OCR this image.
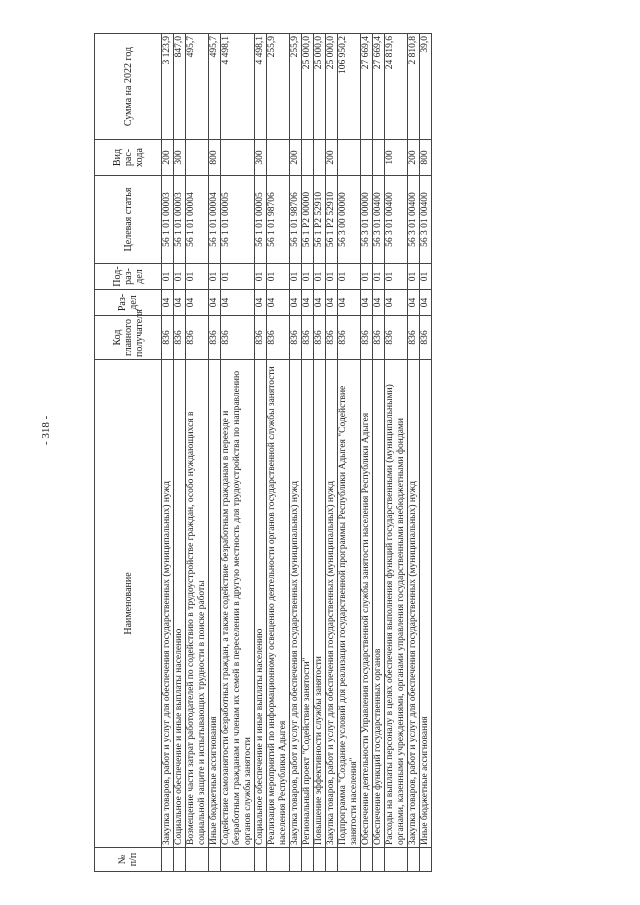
- 318 -
№ п/п	Наименование	Код главного получателя	Раз-дел	Под-раз-дел	Целевая статья	Вид рас-хода	Сумма на 2022 год
	Закупка товаров, работ и услуг для обеспечения государственных (муниципальных) нужд	836	04	01	56 1 01 00003	200	3 123,9
	Социальное обеспечение и иные выплаты населению	836	04	01	56 1 01 00003	300	847,0
	Возмещение части затрат работодателей по содействию в трудоустройстве граждан, особо нуждающихся в социальной защите и испытывающих трудности в поиске работы	836	04	01	56 1 01 00004		495,7
	Иные бюджетные ассигнования	836	04	01	56 1 01 00004	800	495,7
	Содействие самозанятости безработных граждан, а также содействие безработным гражданам в переезде и безработным гражданам и членам их семей в переселении в другую местность для трудоустройства по направлению органов службы занятости	836	04	01	56 1 01 00005		4 498,1
	Социальное обеспечение и иные выплаты населению	836	04	01	56 1 01 00005	300	4 498,1
	Реализация мероприятий по информационному освещению деятельности органов государственной службы занятости населения Республики Адыгея	836	04	01	56 1 01 98706		255,9
	Закупка товаров, работ и услуг для обеспечения государственных (муниципальных) нужд	836	04	01	56 1 01 98706	200	255,9
	Региональный проект "Содействие занятости"	836	04	01	56 1 P2 00000		25 000,0
	Повышение эффективности службы занятости	836	04	01	56 1 P2 52910		25 000,0
	Закупка товаров, работ и услуг для обеспечения государственных (муниципальных) нужд	836	04	01	56 1 P2 52910	200	25 000,0
	Подпрограмма "Создание условий для реализации государственной программы Республики Адыгея "Содействие занятости населения"	836	04	01	56 3 00 00000		106 950,2
	Обеспечение деятельности Управления государственной службы занятости населения Республики Адыгея	836	04	01	56 3 01 00000		27 669,4
	Обеспечение функций государственных органов	836	04	01	56 3 01 00400		27 669,4
	Расходы на выплаты персоналу в целях обеспечения выполнения функций государственными (муниципальными) органами, казенными учреждениями, органами управления государственными внебюджетными фондами	836	04	01	56 3 01 00400	100	24 819,6
	Закупка товаров, работ и услуг для обеспечения государственных (муниципальных) нужд	836	04	01	56 3 01 00400	200	2 810,8
	Иные бюджетные ассигнования	836	04	01	56 3 01 00400	800	39,0
